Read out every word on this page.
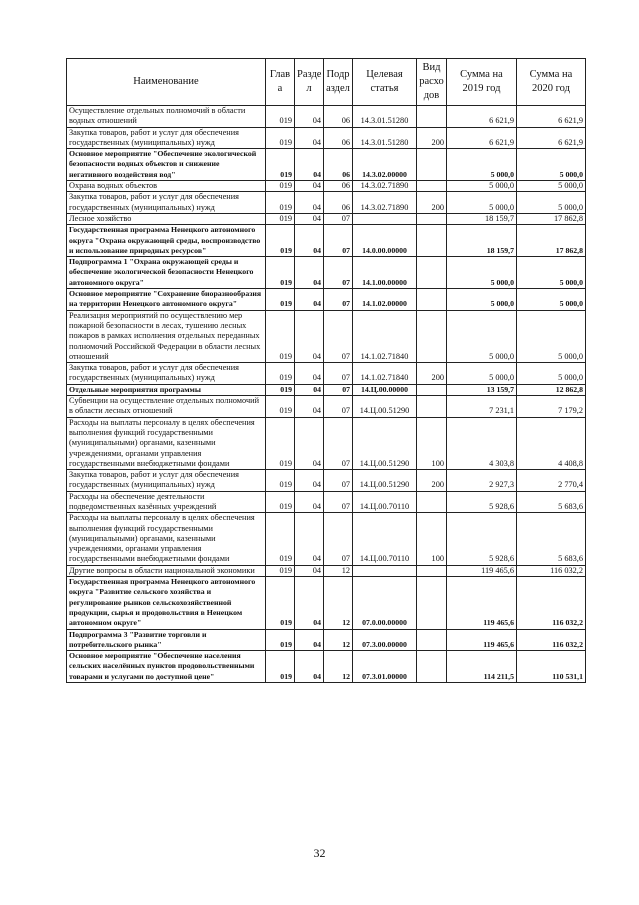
Наименование	Глав а	Разде л	Подр аздел	Целевая статья	Вид расхо дов	Сумма на 2019 год	Сумма на 2020 год
Осуществление отдельных полномочий в области водных отношений	019	04	06	14.3.01.51280		6 621,9	6 621,9
Закупка товаров, работ и услуг для обеспечения государственных (муниципальных) нужд	019	04	06	14.3.01.51280	200	6 621,9	6 621,9
Основное мероприятие "Обеспечение экологической безопасности водных объектов и снижение негативного воздействия вод"	019	04	06	14.3.02.00000		5 000,0	5 000,0
Охрана водных объектов	019	04	06	14.3.02.71890		5 000,0	5 000,0
Закупка товаров, работ и услуг для обеспечения государственных (муниципальных) нужд	019	04	06	14.3.02.71890	200	5 000,0	5 000,0
Лесное хозяйство	019	04	07			18 159,7	17 862,8
Государственная программа Ненецкого автономного округа "Охрана окружающей среды, воспроизводство и использование природных ресурсов"	019	04	07	14.0.00.00000		18 159,7	17 862,8
Подпрограмма 1 "Охрана окружающей среды и обеспечение экологической безопасности Ненецкого автономного округа"	019	04	07	14.1.00.00000		5 000,0	5 000,0
Основное мероприятие "Сохранение биоразнообразия на территории Ненецкого автономного округа"	019	04	07	14.1.02.00000		5 000,0	5 000,0
Реализация мероприятий по осуществлению мер пожарной безопасности в лесах, тушению лесных пожаров в рамках исполнения отдельных переданных полномочий Российской Федерации в области лесных отношений	019	04	07	14.1.02.71840		5 000,0	5 000,0
Закупка товаров, работ и услуг для обеспечения государственных (муниципальных) нужд	019	04	07	14.1.02.71840	200	5 000,0	5 000,0
Отдельные мероприятия программы	019	04	07	14.Ц.00.00000		13 159,7	12 862,8
Субвенции на осуществление отдельных полномочий в области лесных отношений	019	04	07	14.Ц.00.51290		7 231,1	7 179,2
Расходы на выплаты персоналу в целях обеспечения выполнения функций государственными (муниципальными) органами, казенными учреждениями, органами управления государственными внебюджетными фондами	019	04	07	14.Ц.00.51290	100	4 303,8	4 408,8
Закупка товаров, работ и услуг для обеспечения государственных (муниципальных) нужд	019	04	07	14.Ц.00.51290	200	2 927,3	2 770,4
Расходы на обеспечение деятельности подведомственных казённых учреждений	019	04	07	14.Ц.00.70110		5 928,6	5 683,6
Расходы на выплаты персоналу в целях обеспечения выполнения функций государственными (муниципальными) органами, казенными учреждениями, органами управления государственными внебюджетными фондами	019	04	07	14.Ц.00.70110	100	5 928,6	5 683,6
Другие вопросы в области национальной экономики	019	04	12			119 465,6	116 032,2
Государственная программа Ненецкого автономного округа "Развитие сельского хозяйства и регулирование рынков сельскохозяйственной продукции, сырья и продовольствия в Ненецком автономном округе"	019	04	12	07.0.00.00000		119 465,6	116 032,2
Подпрограмма 3 "Развитие торговли и потребительского рынка"	019	04	12	07.3.00.00000		119 465,6	116 032,2
Основное мероприятие "Обеспечение населения сельских населённых пунктов продовольственными товарами и услугами по доступной цене"	019	04	12	07.3.01.00000		114 211,5	110 531,1
32
